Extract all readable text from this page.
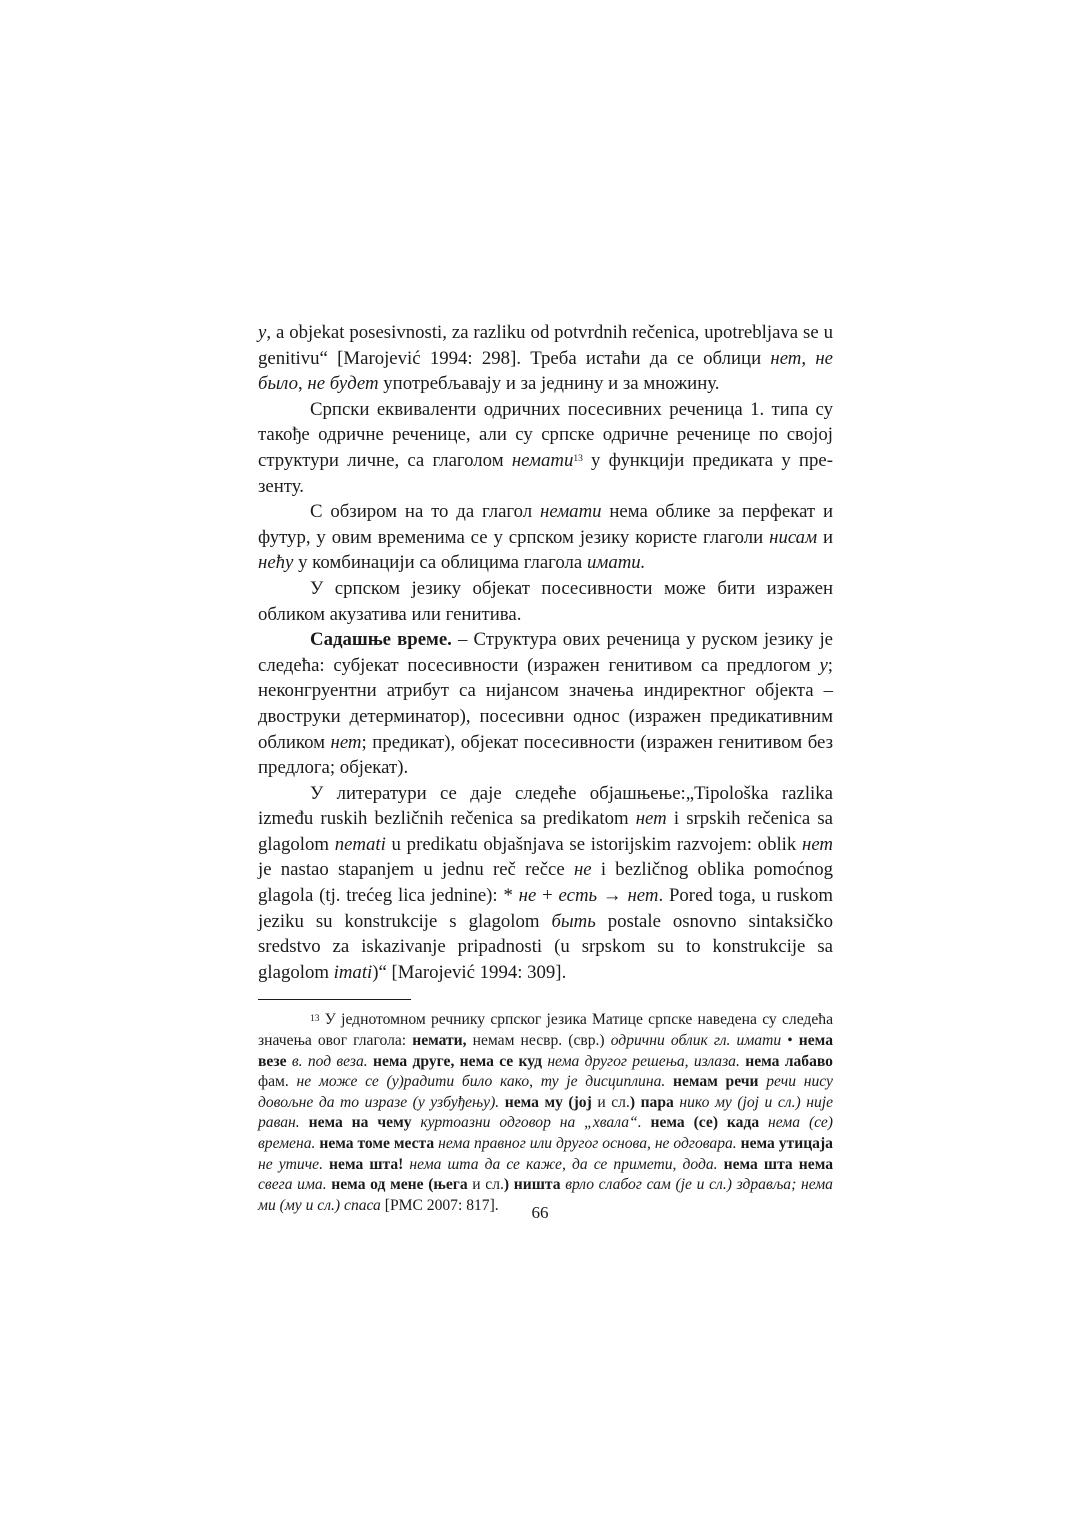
у, a objekat posesivnosti, za razliku od potvrdnih rečenica, upotrebljava se u genitivu“ [Marojević 1994: 298]. Треба истаћи да се облици нет, не было, не будет употребљавају и за једнину и за множину.

Српски еквиваленти одричних посесивних реченица 1. типа су такође одричне реченице, али су српске одричне реченице по својој структури личне, са глаголом немати$^{13}$ у функцији предиката у презенту.

С обзиром на то да глагол немати нема облике за перфекат и футур, у овим временима се у српском језику користе глаголи нисам и нећу у комбинацији са облицима глагола имати.

У српском језику објекат посесивности може бити изражен обликом акузатива или генитива.

Садашње време. – Структура ових реченица у руском језику је следећа: субјекат посесивности (изражен генитивом са предлогом у; неконгруентни атрибут са нијансом значења индиректног објекта – двоструки детерминатор), посесивни однос (изражен предикативним обликом нет; предикат), објекат посесивности (изражен генитивом без предлога; објекат).

У литератури се даје следеће објашњење:„Tipološka razlika između ruskih bezličnih rečenica sa predikatom нет i srpskih rečenica sa glagolom nemati u predikatu objašnjava se istorijskim razvojem: oblik нет je nastao stapanjem u jednu reč rečce не i bezličnog oblika pomoćnog glagola (tj. trećeg lica jednine): * не + есть → нет. Pored toga, u ruskom jeziku su konstrukcije s glagolom быть postale osnovno sintaksičko sredstvo za iskazivanje pripadnosti (u srpskom su to konstrukcije sa glagolom imati)“ [Marojević 1994: 309].

$^{13}$ У једнотомном речнику српског језика Матице српске наведена су следећа значења овог глагола: немати, немам несвр. (свр.) одрични облик гл. имати • нема везе в. под веза. нема друге, нема се куд нема другог решења, излаза. нема лабаво фам. не може се (у)радити било како, ту је дисциплина. немам речи речи нису довољне да то изразе (у узбуђењу). нема му (јој и сл.) пара нико му (јој и сл.) није раван. нема на чему куртоазни одговор на „хвала“. нема (се) када нема (се) времена. нема томе места нема правног или другог основа, не одговара. нема утицаја не утиче. нема шта! нема шта да се каже, да се примети, дода. нема шта нема свега има. нема од мене (њега и сл.) ништа врло слабог сам (је и сл.) здравља; нема ми (му и сл.) спаса [РМС 2007: 817].	66
